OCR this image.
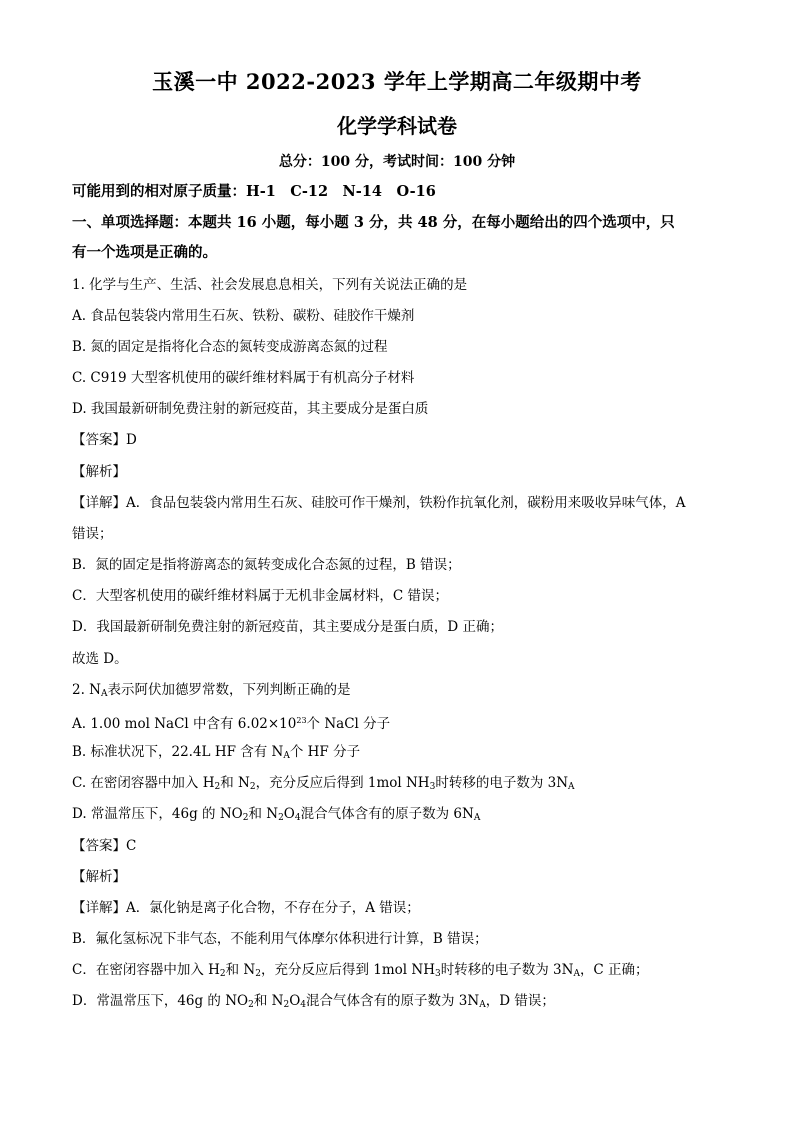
玉溪一中 2022-2023 学年上学期高二年级期中考
化学学科试卷
总分：100 分，考试时间：100 分钟
可能用到的相对原子质量：H-1　C-12　N-14　O-16
一、单项选择题：本题共 16 小题，每小题 3 分，共 48 分，在每小题给出的四个选项中，只
有一个选项是正确的。
1. 化学与生产、生活、社会发展息息相关，下列有关说法正确的是
A. 食品包装袋内常用生石灰、铁粉、碳粉、硅胶作干燥剂
B. 氮的固定是指将化合态的氮转变成游离态氮的过程
C. C919 大型客机使用的碳纤维材料属于有机高分子材料
D. 我国最新研制免费注射的新冠疫苗，其主要成分是蛋白质
【答案】D
【解析】
【详解】A．食品包装袋内常用生石灰、硅胶可作干燥剂，铁粉作抗氧化剂，碳粉用来吸收异味气体，A
错误；
B．氮的固定是指将游离态的氮转变成化合态氮的过程，B 错误；
C．大型客机使用的碳纤维材料属于无机非金属材料，C 错误；
D．我国最新研制免费注射的新冠疫苗，其主要成分是蛋白质，D 正确；
故选 D。
2. $N_A$表示阿伏加德罗常数，下列判断正确的是
A. 1.00 mol NaCl 中含有 $6.02\times 10^{23}$个 NaCl 分子
B. 标准状况下，22.4L HF 含有 $N_A$个 HF 分子
C. 在密闭容器中加入 $H_2$和 $N_2$，充分反应后得到 1mol $NH_3$时转移的电子数为 $3N_A$
D. 常温常压下，46g 的 $NO_2$和 $N_2O_4$混合气体含有的原子数为 $6N_A$
【答案】C
【解析】
【详解】A．氯化钠是离子化合物，不存在分子，A 错误；
B．氟化氢标况下非气态，不能利用气体摩尔体积进行计算，B 错误；
C．在密闭容器中加入 $H_2$和 $N_2$，充分反应后得到 1mol $NH_3$时转移的电子数为 $3N_A$，C 正确；
D．常温常压下，46g 的 $NO_2$和 $N_2O_4$混合气体含有的原子数为 $3N_A$，D 错误；
